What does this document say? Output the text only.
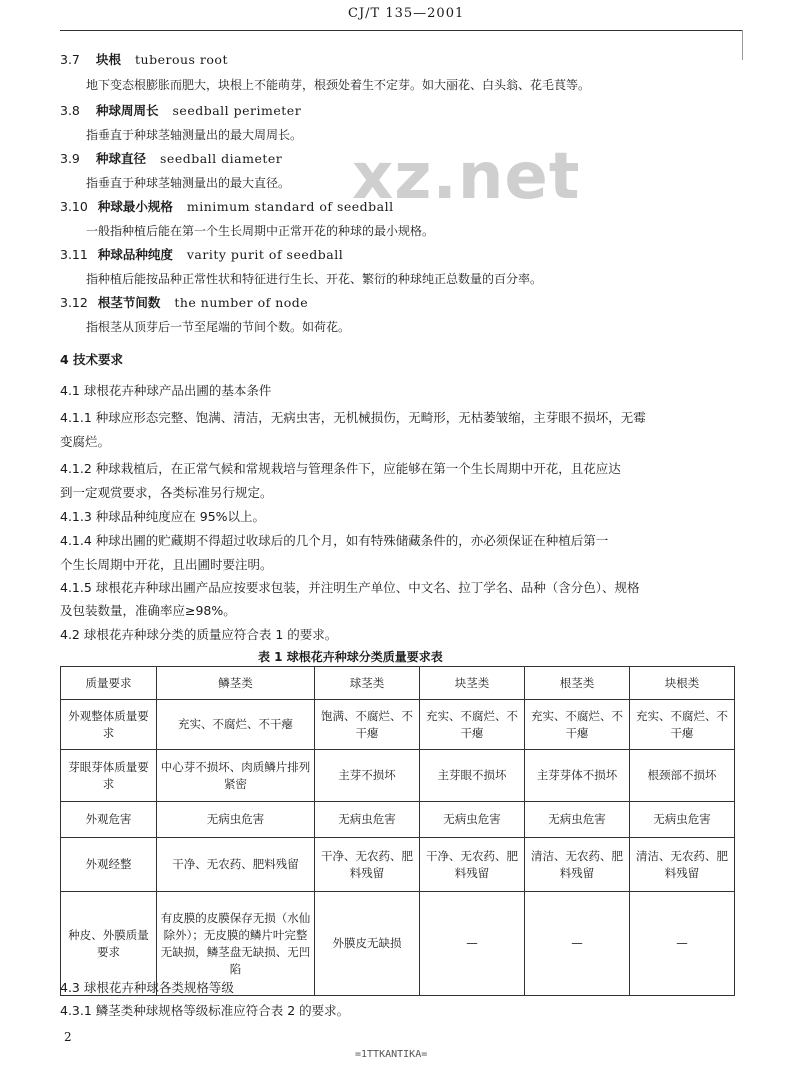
CJ/T 135—2001
xz.net
3.7 块根 tuberous root
地下变态根膨胀而肥大，块根上不能萌芽，根颈处着生不定芽。如大丽花、白头翁、花毛茛等。
3.8 种球周周长 seedball perimeter
指垂直于种球茎轴测量出的最大周周长。
3.9 种球直径 seedball diameter
指垂直于种球茎轴测量出的最大直径。
3.10 种球最小规格 minimum standard of seedball
一般指种植后能在第一个生长周期中正常开花的种球的最小规格。
3.11 种球品种纯度 varity purit of seedball
指种植后能按品种正常性状和特征进行生长、开花、繁衍的种球纯正总数量的百分率。
3.12 根茎节间数 the number of node
指根茎从顶芽后一节至尾端的节间个数。如荷花。
4 技术要求
4.1 球根花卉种球产品出圃的基本条件
4.1.1 种球应形态完整、饱满、清洁，无病虫害，无机械损伤，无畸形，无枯萎皱缩，主芽眼不损坏，无霉
变腐烂。
4.1.2 种球栽植后，在正常气候和常规栽培与管理条件下，应能够在第一个生长周期中开花，且花应达
到一定观赏要求，各类标准另行规定。
4.1.3 种球品种纯度应在 95%以上。
4.1.4 种球出圃的贮藏期不得超过收球后的几个月，如有特殊储藏条件的，亦必须保证在种植后第一
个生长周期中开花，且出圃时要注明。
4.1.5 球根花卉种球出圃产品应按要求包装，并注明生产单位、中文名、拉丁学名、品种（含分色）、规格
及包装数量，准确率应≥98%。
4.2 球根花卉种球分类的质量应符合表 1 的要求。
表 1 球根花卉种球分类质量要求表
质量要求	鳞茎类	球茎类	块茎类	根茎类	块根类
外观整体质量要求	充实、不腐烂、不干瘪	饱满、不腐烂、不干瘪	充实、不腐烂、不干瘪	充实、不腐烂、不干瘪	充实、不腐烂、不干瘪
芽眼芽体质量要求	中心芽不损坏、肉质鳞片排列紧密	主芽不损坏	主芽眼不损坏	主芽芽体不损坏	根颈部不损坏
外观危害	无病虫危害	无病虫危害	无病虫危害	无病虫危害	无病虫危害
外观经整	干净、无农药、肥料残留	干净、无农药、肥料残留	干净、无农药、肥料残留	清洁、无农药、肥料残留	清洁、无农药、肥料残留
种皮、外膜质量要求	有皮膜的皮膜保存无损（水仙除外）；无皮膜的鳞片叶完整无缺损，鳞茎盘无缺损、无凹陷	外膜皮无缺损	—	—	—
4.3 球根花卉种球各类规格等级
4.3.1 鳞茎类种球规格等级标准应符合表 2 的要求。
2
=1TTKANTIKA=
